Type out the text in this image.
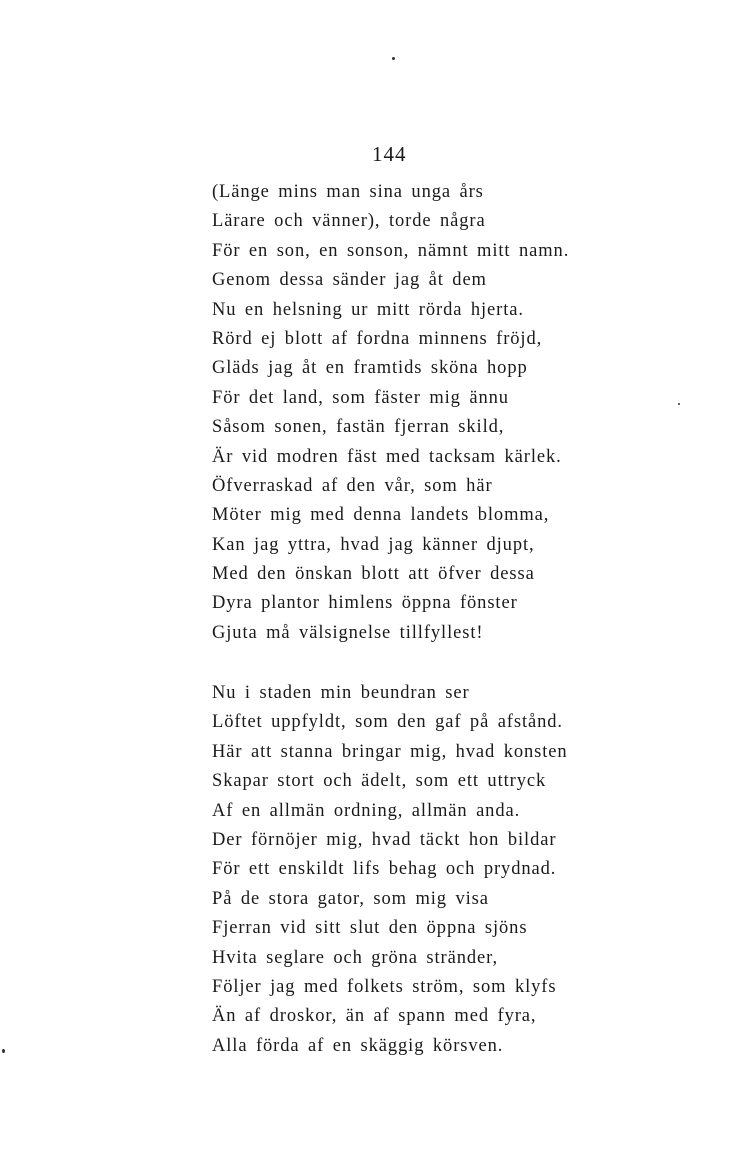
144
(Länge mins man sina unga års
Lärare och vänner), torde några
För en son, en sonson, nämnt mitt namn.
Genom dessa sänder jag åt dem
Nu en helsning ur mitt rörda hjerta.
Rörd ej blott af fordna minnens fröjd,
Gläds jag åt en framtids sköna hopp
För det land, som fäster mig ännu
Såsom sonen, fastän fjerran skild,
Är vid modren fäst med tacksam kärlek.
Öfverraskad af den vår, som här
Möter mig med denna landets blomma,
Kan jag yttra, hvad jag känner djupt,
Med den önskan blott att öfver dessa
Dyra plantor himlens öppna fönster
Gjuta må välsignelse tillfyllest!
Nu i staden min beundran ser
Löftet uppfyldt, som den gaf på afstånd.
Här att stanna bringar mig, hvad konsten
Skapar stort och ädelt, som ett uttryck
Af en allmän ordning, allmän anda.
Der förnöjer mig, hvad täckt hon bildar
För ett enskildt lifs behag och prydnad.
På de stora gator, som mig visa
Fjerran vid sitt slut den öppna sjöns
Hvita seglare och gröna stränder,
Följer jag med folkets ström, som klyfs
Än af droskor, än af spann med fyra,
Alla förda af en skäggig körsven.
